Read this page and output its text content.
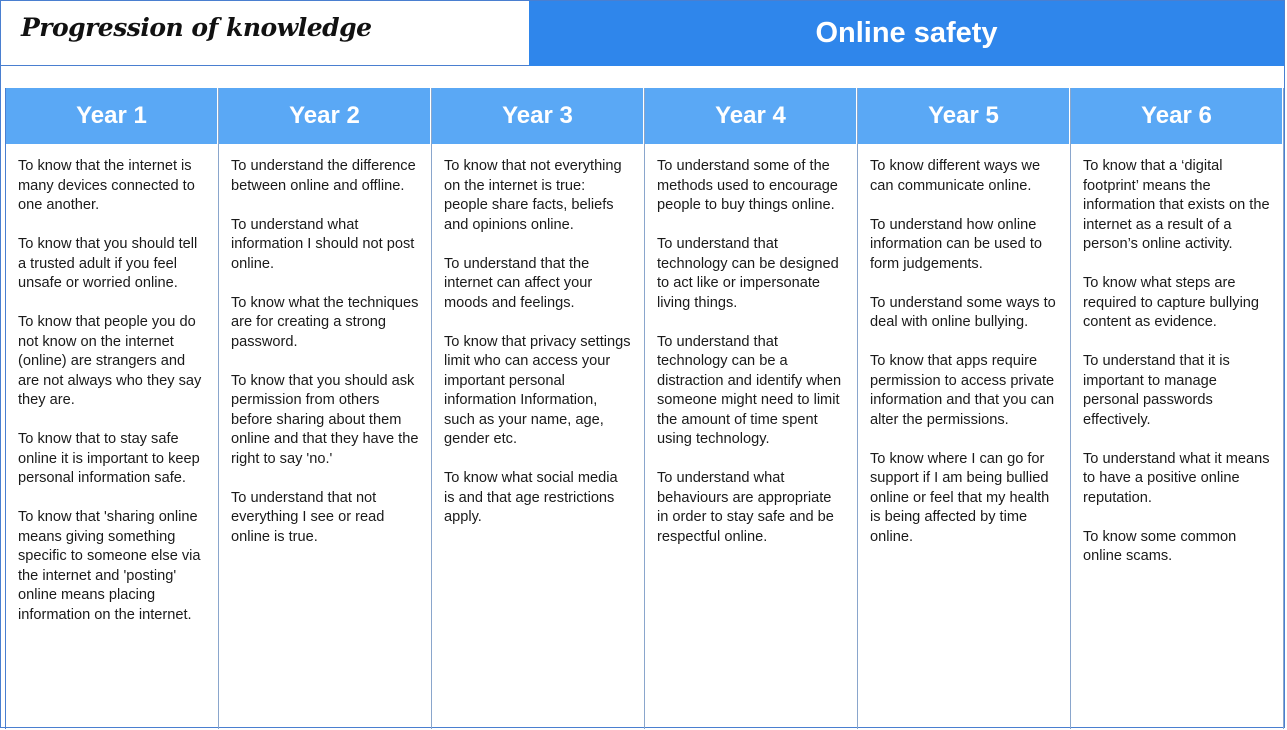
Progression of knowledge	Online safety
Year 1

To know that the internet is many devices connected to one another.

To know that you should tell a trusted adult if you feel unsafe or worried online.

To know that people you do not know on the internet (online) are strangers and are not always who they say they are.

To know that to stay safe online it is important to keep personal information safe.

To know that 'sharing online means giving something specific to someone else via the internet and 'posting' online means placing information on the internet.

Year 2

To understand the difference between online and offline.

To understand what information I should not post online.

To know what the techniques are for creating a strong password.

To know that you should ask permission from others before sharing about them online and that they have the right to say 'no.'

To understand that not everything I see or read online is true.

Year 3

To know that not everything on the internet is true: people share facts, beliefs and opinions online.

To understand that the internet can affect your moods and feelings.

To know that privacy settings limit who can access your important personal information Information, such as your name, age, gender etc.

To know what social media is and that age restrictions apply.

Year 4

To understand some of the methods used to encourage people to buy things online.

To understand that technology can be designed to act like or impersonate living things.

To understand that technology can be a distraction and identify when someone might need to limit the amount of time spent using technology.

To understand what behaviours are appropriate in order to stay safe and be respectful online.

Year 5

To know different ways we can communicate online.

To understand how online information can be used to form judgements.

To understand some ways to deal with online bullying.

To know that apps require permission to access private information and that you can alter the permissions.

To know where I can go for support if I am being bullied online or feel that my health is being affected by time online.

Year 6

To know that a ‘digital footprint’ means the information that exists on the internet as a result of a person’s online activity.

To know what steps are required to capture bullying content as evidence.

To understand that it is important to manage personal passwords effectively.

To understand what it means to have a positive online reputation.

To know some common online scams.
